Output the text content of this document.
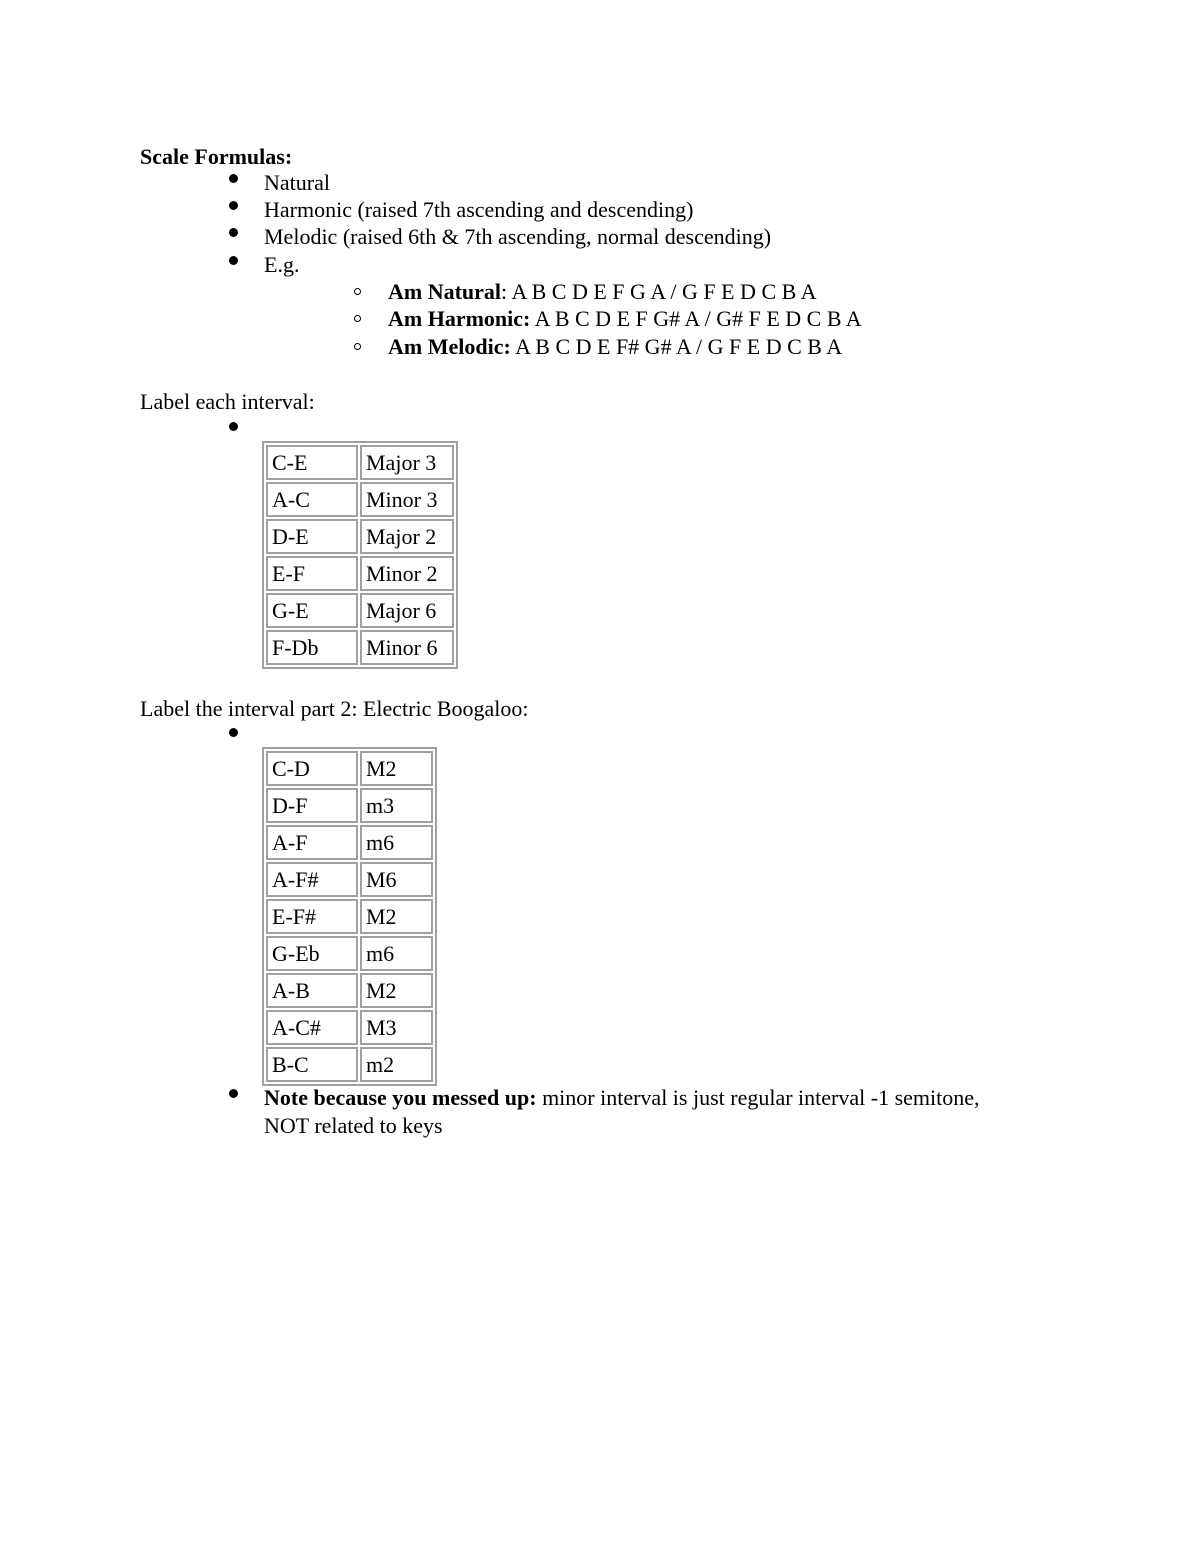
Scale Formulas:
Natural
Harmonic (raised 7th ascending and descending)
Melodic (raised 6th & 7th ascending, normal descending)
E.g.
Am Natural: A B C D E F G A / G F E D C B A
Am Harmonic: A B C D E F G# A / G# F E D C B A
Am Melodic: A B C D E F# G# A / G F E D C B A
Label each interval:
C-E	Major 3
A-C	Minor 3
D-E	Major 2
E-F	Minor 2
G-E	Major 6
F-Db	Minor 6
Label the interval part 2: Electric Boogaloo:
C-D	M2
D-F	m3
A-F	m6
A-F#	M6
E-F#	M2
G-Eb	m6
A-B	M2
A-C#	M3
B-C	m2
Note because you messed up: minor interval is just regular interval -1 semitone,
NOT related to keys
